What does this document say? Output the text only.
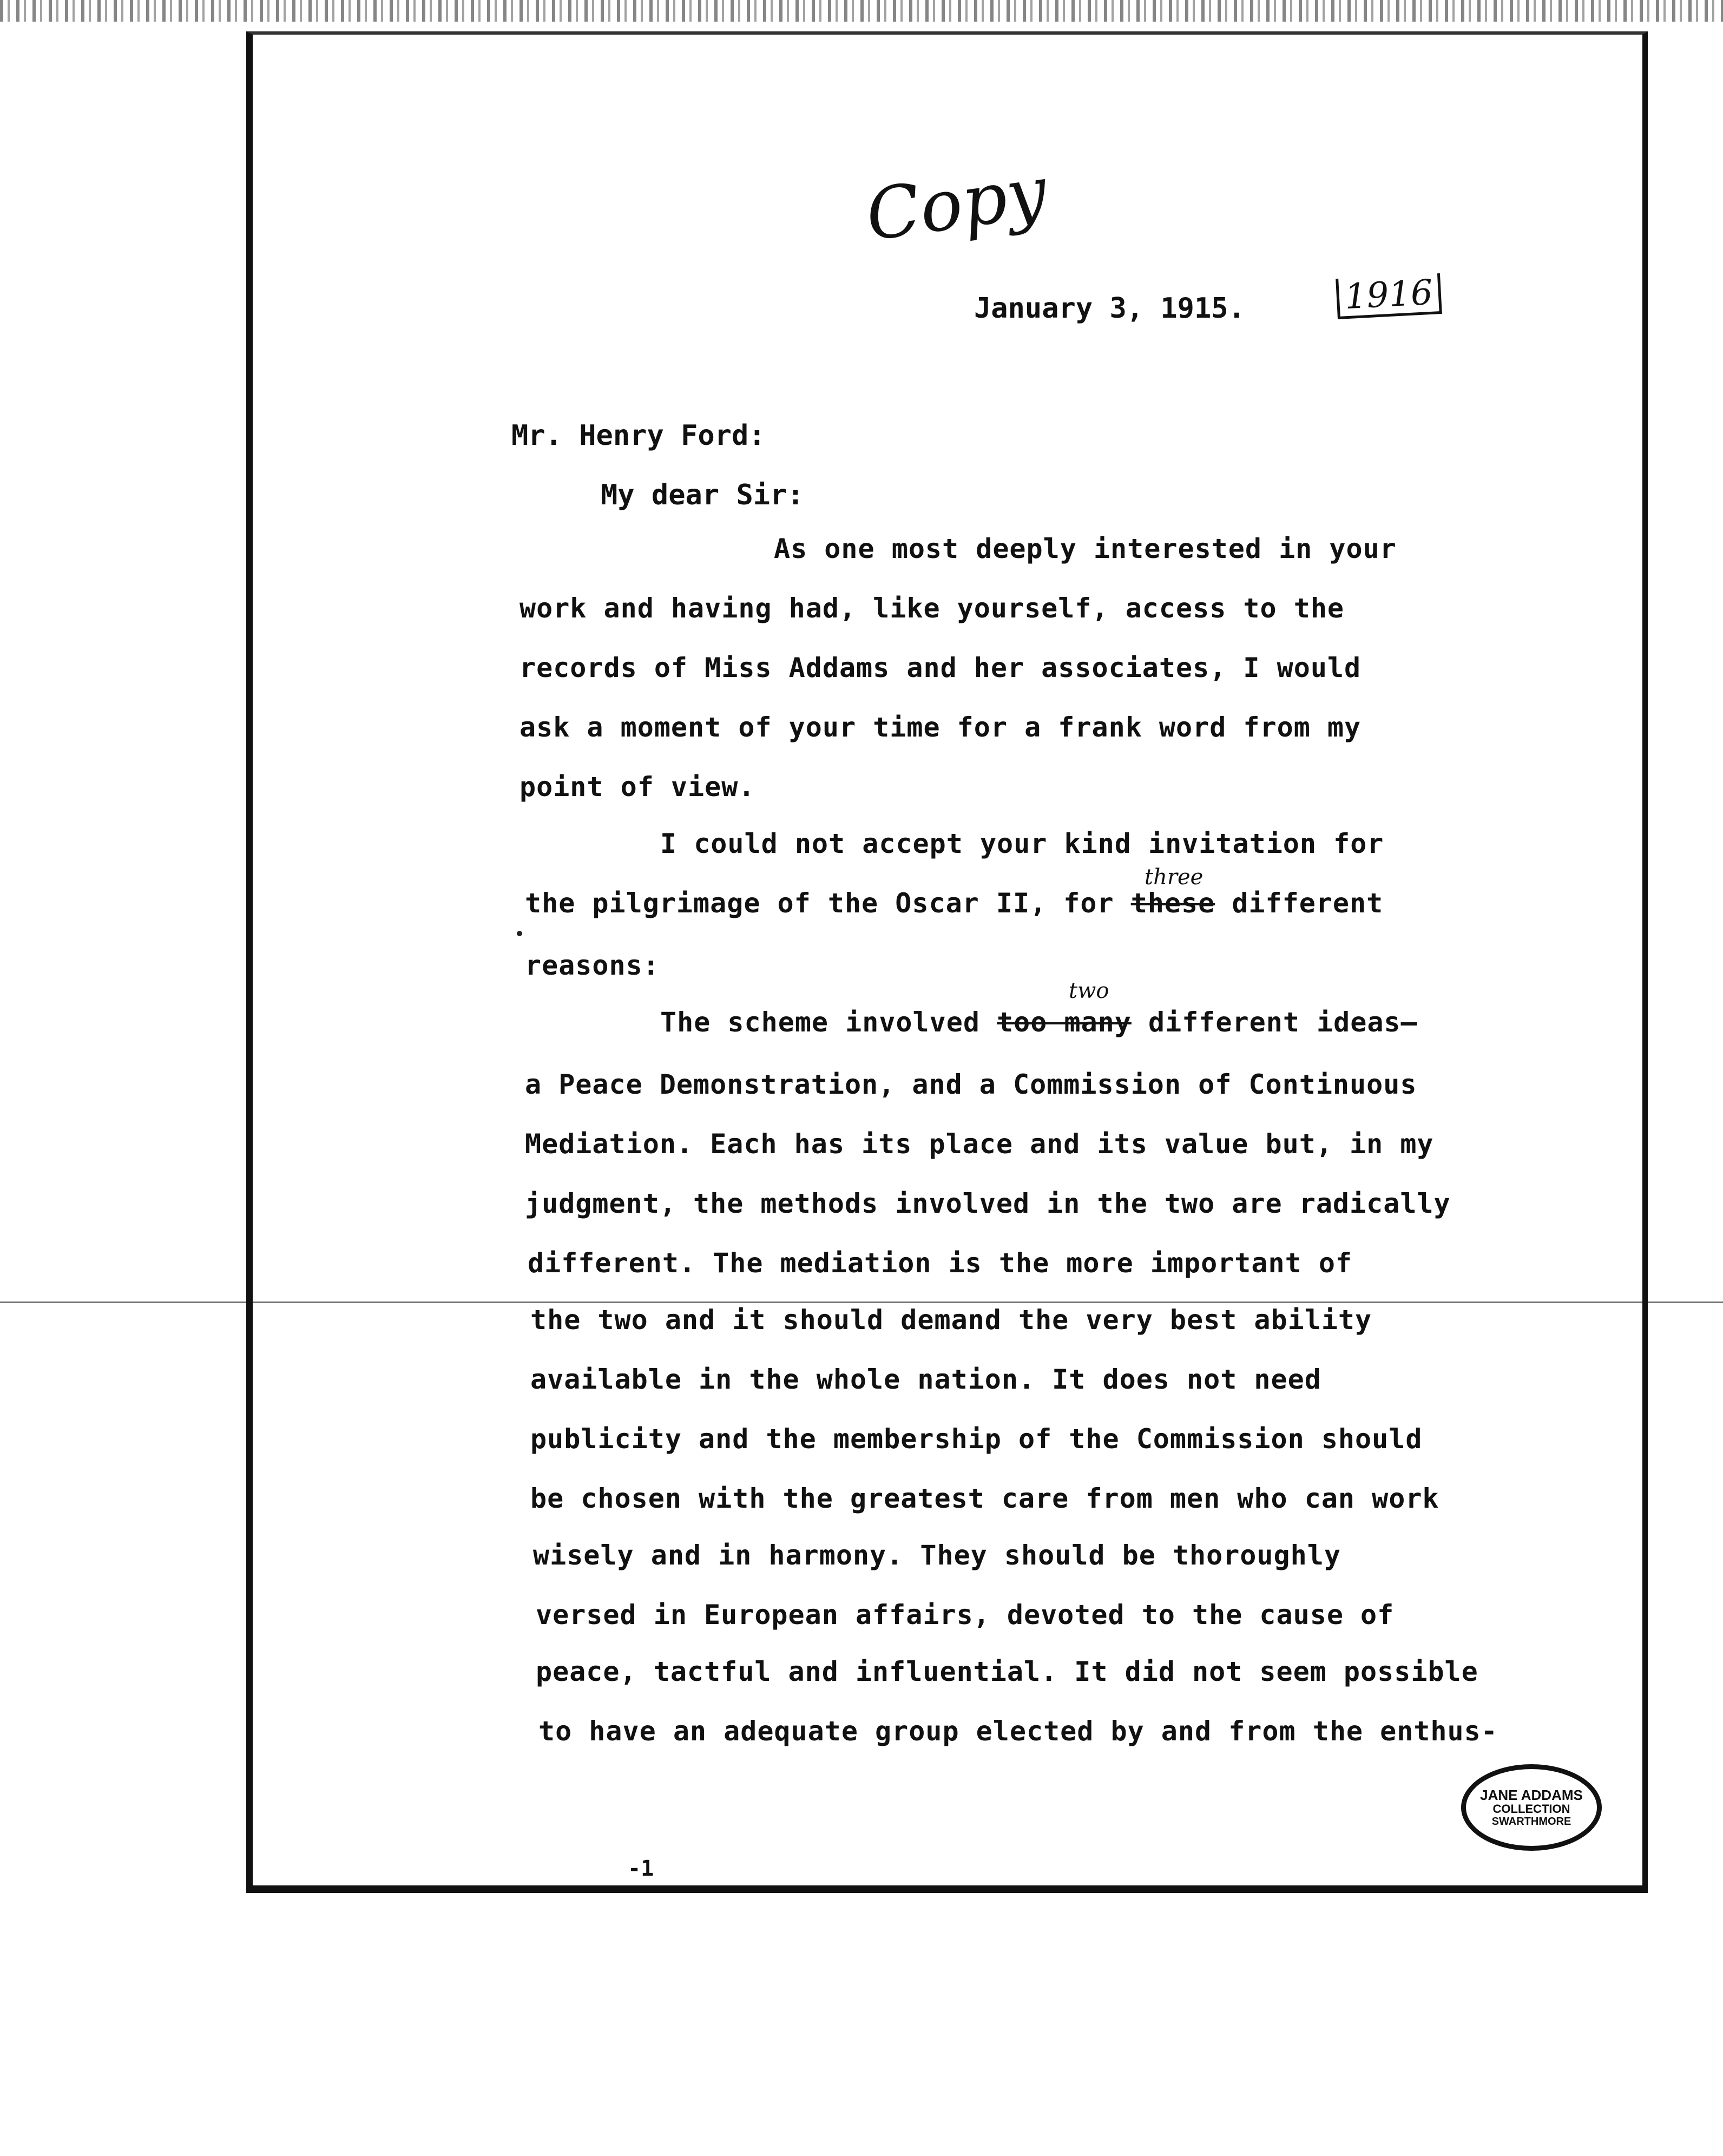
Copy
January 3, 1915.	1916
Mr. Henry Ford:
My dear Sir:
As one most deeply interested in your
work and having had, like yourself, access to the
records of Miss Addams and her associates, I would
ask a moment of your time for a frank word from my
point of view.
I could not accept your kind invitation for
three
the pilgrimage of the Oscar II, for these different
reasons:
two
The scheme involved too many different ideas—
a Peace Demonstration, and a Commission of Continuous
Mediation. Each has its place and its value but, in my
judgment, the methods involved in the two are radically
different. The mediation is the more important of
the two and it should demand the very best ability
available in the whole nation. It does not need
publicity and the membership of the Commission should
be chosen with the greatest care from men who can work
wisely and in harmony. They should be thoroughly
versed in European affairs, devoted to the cause of
peace, tactful and influential. It did not seem possible
to have an adequate group elected by and from the enthus-
JANE ADDAMS
COLLECTION
SWARTHMORE
-1
